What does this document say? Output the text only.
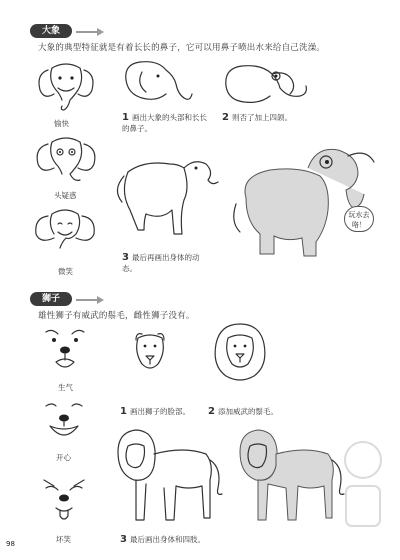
大象
大象的典型特征就是有着长长的鼻子，它可以用鼻子喷出水来给自己洗澡。
愉快
头疑惑
微笑
1 画出大象的头部和长长的鼻子。
2 则否了加上四颌。
3 最后再画出身体的动态。
玩水去咯！
狮子
雄性狮子有威武的鬃毛，雌性狮子没有。
生气
开心
坏笑
1 画出狮子的脸部。	2 添加威武的鬃毛。
3 最后画出身体和四肢。
98
